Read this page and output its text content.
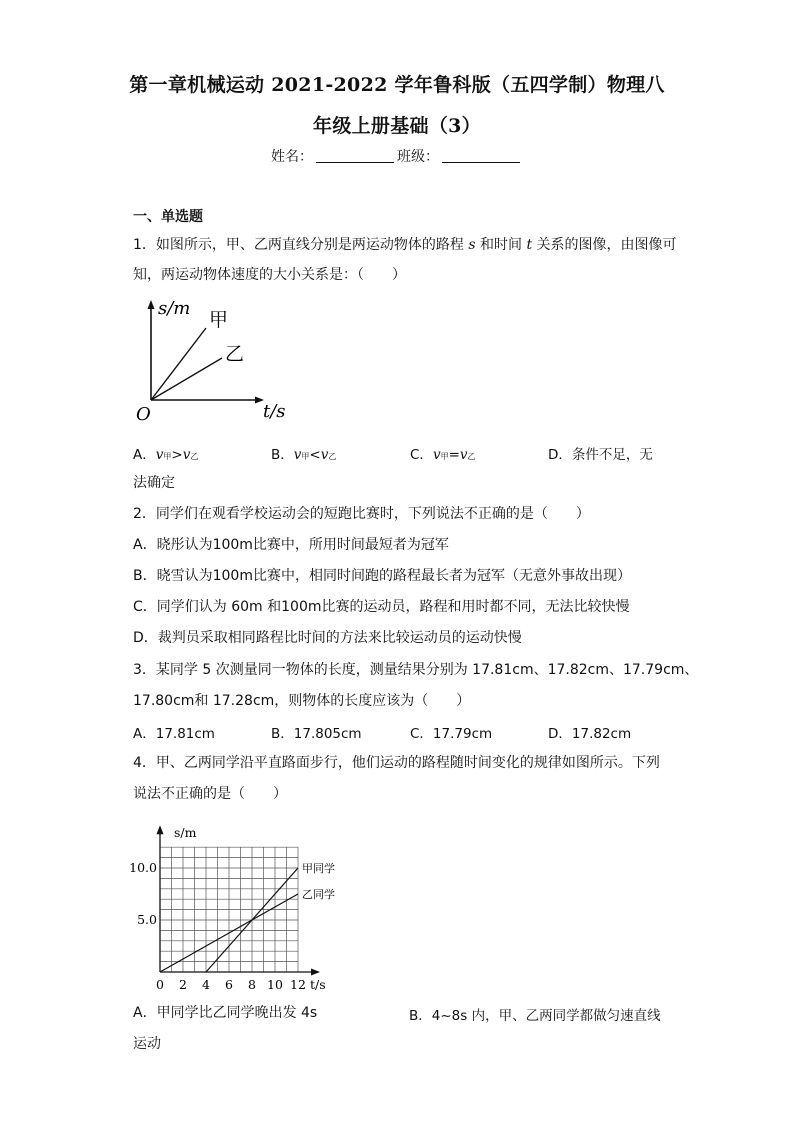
第一章机械运动 2021-2022 学年鲁科版（五四学制）物理八
年级上册基础（3）
姓名：	班级：
一、单选题
1．如图所示，甲、乙两直线分别是两运动物体的路程 s 和时间 t 关系的图像，由图像可
知，两运动物体速度的大小关系是：（　　）
s/m
甲
乙
O	t/s
A．v甲>v乙	B．v甲<v乙	C．v甲=v乙	D．条件不足，无
法确定
2．同学们在观看学校运动会的短跑比赛时，下列说法不正确的是（　　）
A．晓彤认为100m比赛中，所用时间最短者为冠军
B．晓雪认为100m比赛中，相同时间跑的路程最长者为冠军（无意外事故出现）
C．同学们认为 60m 和100m比赛的运动员，路程和用时都不同，无法比较快慢
D．裁判员采取相同路程比时间的方法来比较运动员的运动快慢
3．某同学 5 次测量同一物体的长度，测量结果分别为 17.81cm、17.82cm、17.79cm、
17.80cm和 17.28cm，则物体的长度应该为（　　）
A．17.81cm	B．17.805cm	C．17.79cm	D．17.82cm
4．甲、乙两同学沿平直路面步行，他们运动的路程随时间变化的规律如图所示。下列
说法不正确的是（　　）
甲同学
乙同学
0 2 4 6 8 10 12
5.0
10.0
s/m
t/s
A．甲同学比乙同学晚出发 4s	B．4~8s 内，甲、乙两同学都做匀速直线
运动
